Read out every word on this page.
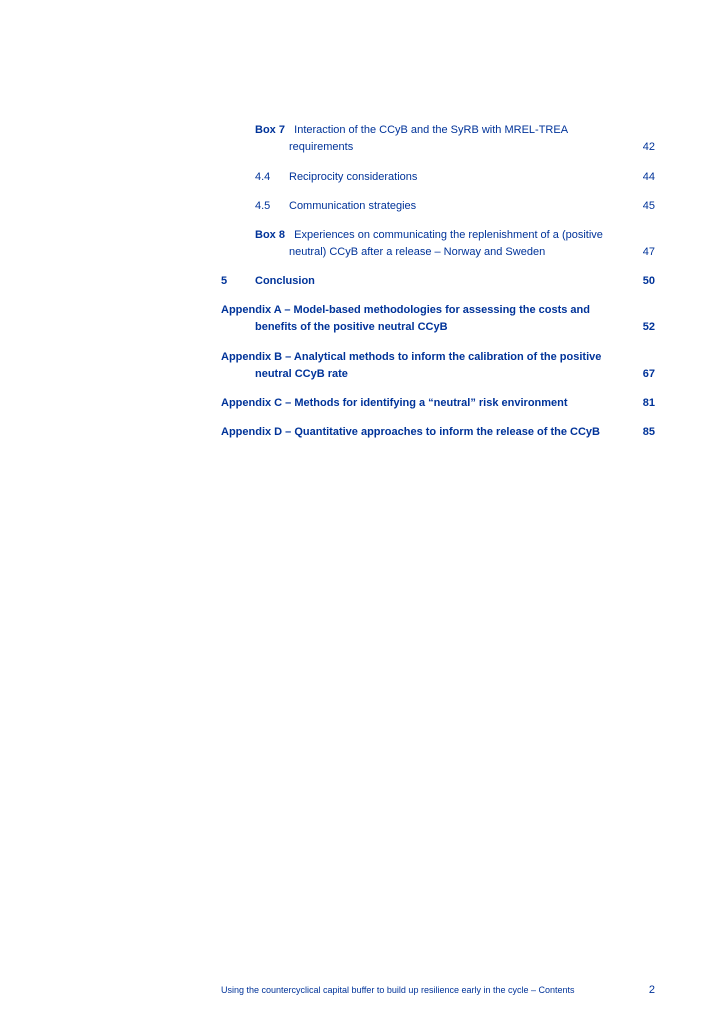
Box 7 Interaction of the CCyB and the SyRB with MREL-TREA
requirements	42
4.4 Reciprocity considerations	44
4.5 Communication strategies	45
Box 8 Experiences on communicating the replenishment of a (positive
neutral) CCyB after a release – Norway and Sweden	47
5	Conclusion	50
Appendix A – Model-based methodologies for assessing the costs and
benefits of the positive neutral CCyB	52
Appendix B – Analytical methods to inform the calibration of the positive
neutral CCyB rate	67
Appendix C – Methods for identifying a “neutral” risk environment	81
Appendix D – Quantitative approaches to inform the release of the CCyB	85
Using the countercyclical capital buffer to build up resilience early in the cycle – Contents	2
